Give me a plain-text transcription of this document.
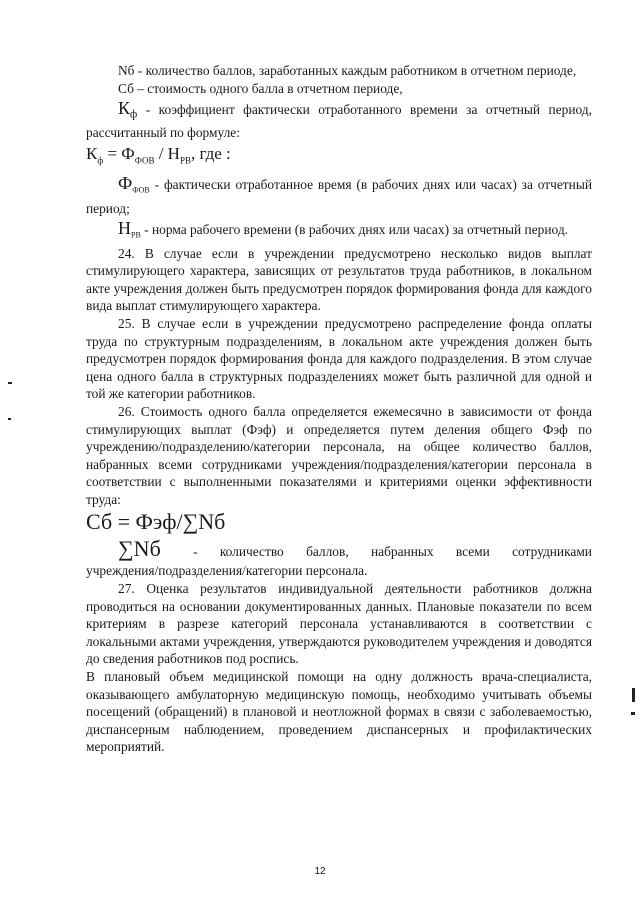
Nб - количество баллов, заработанных каждым работником в отчетном периоде,

Сб – стоимость одного балла в отчетном периоде,

$К_ф$ - коэффициент фактически отработанного времени за отчетный период, рассчитанный по формуле:

$К_ф = Ф_{ФОВ} / Н_{РВ}$, где :

$Ф_{ФОВ}$ - фактически отработанное время (в рабочих днях или часах) за отчетный период;

$Н_{РВ}$ - норма рабочего времени (в рабочих днях или часах) за отчетный период.

24. В случае если в учреждении предусмотрено несколько видов выплат стимулирующего характера, зависящих от результатов труда работников, в локальном акте учреждения должен быть предусмотрен порядок формирования фонда для каждого вида выплат стимулирующего характера.

25. В случае если в учреждении предусмотрено распределение фонда оплаты труда по структурным подразделениям, в локальном акте учреждения должен быть предусмотрен порядок формирования фонда для каждого подразделения. В этом случае цена одного балла в структурных подразделениях может быть различной для одной и той же категории работников.

26. Стоимость одного балла определяется ежемесячно в зависимости от фонда стимулирующих выплат (Фэф) и определяется путем деления общего Фэф по учреждению/подразделению/категории персонала, на общее количество баллов, набранных всеми сотрудниками учреждения/подразделения/категории персонала в соответствии с выполненными показателями и критериями оценки эффективности труда:

Сб = Фэф/∑Nб

∑Nб - количество баллов, набранных всеми сотрудниками

учреждения/подразделения/категории персонала.

27. Оценка результатов индивидуальной деятельности работников должна проводиться на основании документированных данных. Плановые показатели по всем критериям в разрезе категорий персонала устанавливаются в соответствии с локальными актами учреждения, утверждаются руководителем учреждения и доводятся до сведения работников под роспись.

В плановый объем медицинской помощи на одну должность врача-специалиста, оказывающего амбулаторную медицинскую помощь, необходимо учитывать объемы посещений (обращений) в плановой и неотложной формах в связи с заболеваемостью, диспансерным наблюдением, проведением диспансерных и профилактических мероприятий.

12
